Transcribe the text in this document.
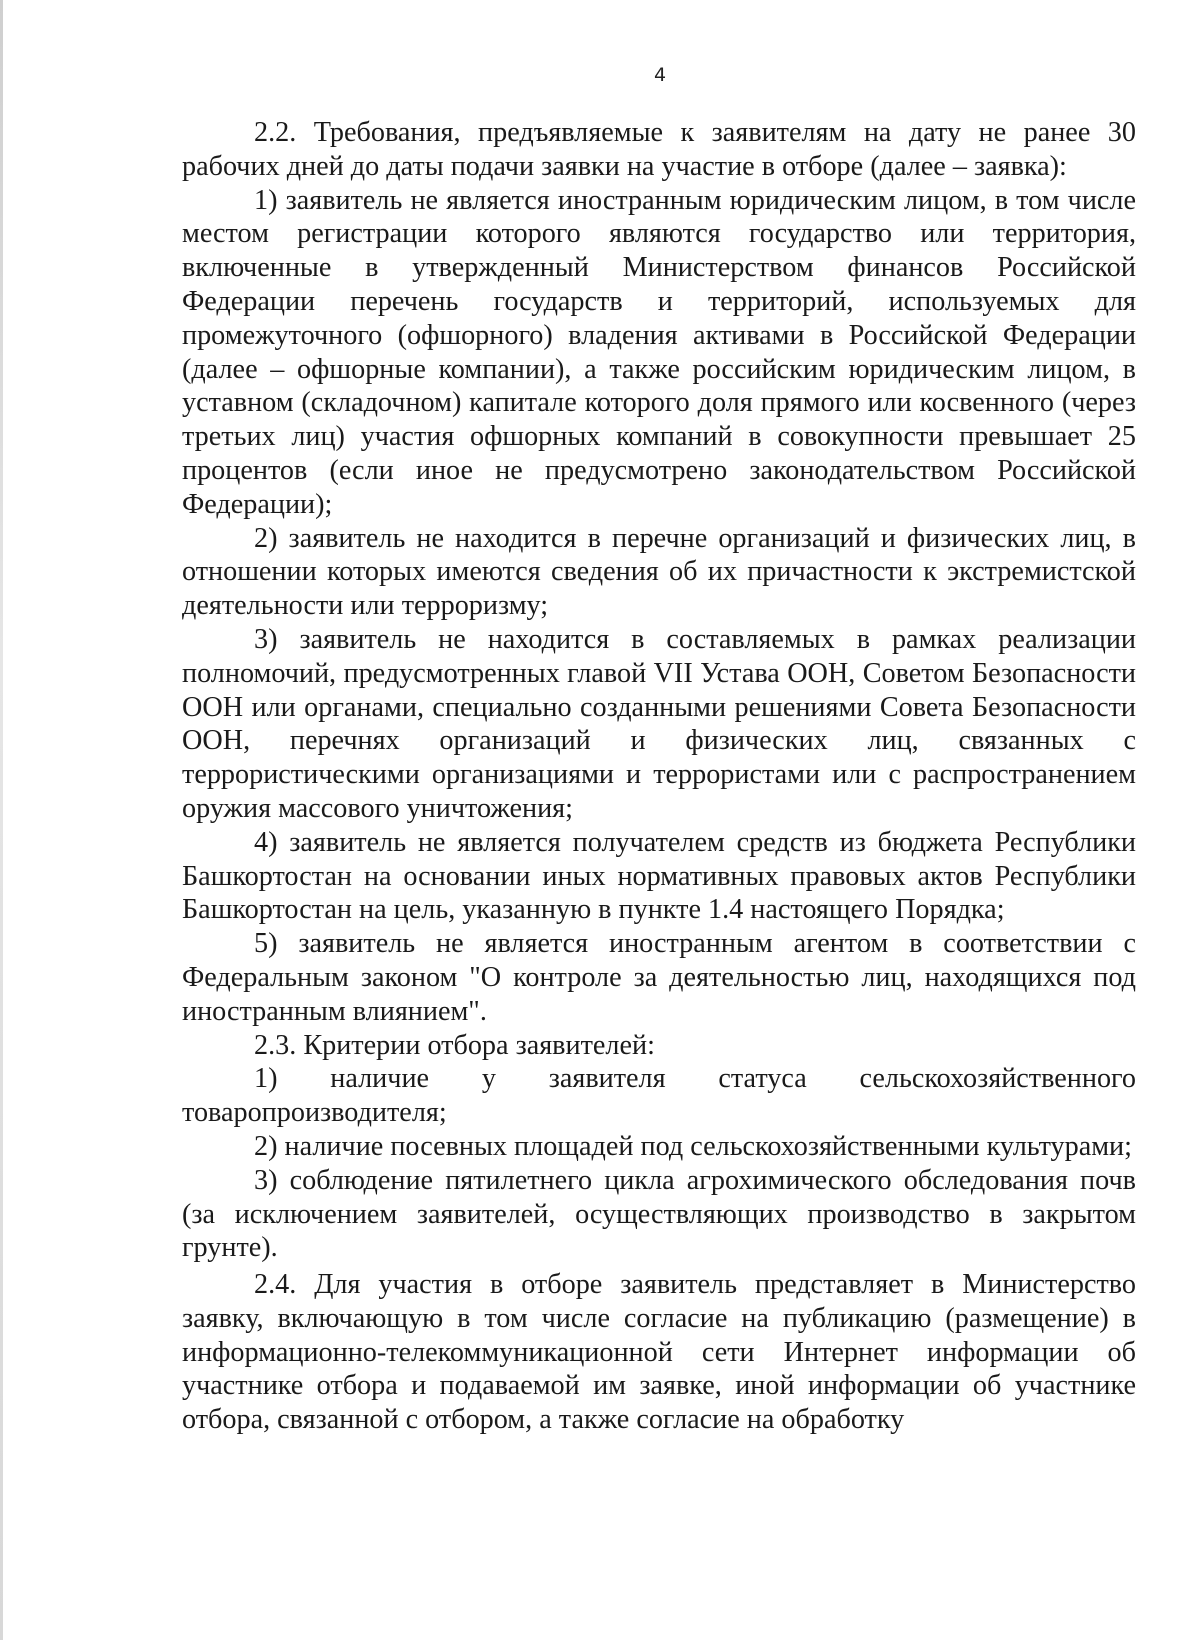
4

2.2. Требования, предъявляемые к заявителям на дату не ранее 30 рабочих дней до даты подачи заявки на участие в отборе (далее – заявка):

1) заявитель не является иностранным юридическим лицом, в том числе местом регистрации которого являются государство или территория, включенные в утвержденный Министерством финансов Российской Федерации перечень государств и территорий, используемых для промежуточного (офшорного) владения активами в Российской Федерации (далее – офшорные компании), а также российским юридическим лицом, в уставном (складочном) капитале которого доля прямого или косвенного (через третьих лиц) участия офшорных компаний в совокупности превышает 25 процентов (если иное не предусмотрено законодательством Российской Федерации);

2) заявитель не находится в перечне организаций и физических лиц, в отношении которых имеются сведения об их причастности к экстремистской деятельности или терроризму;

3) заявитель не находится в составляемых в рамках реализации полномочий, предусмотренных главой VII Устава ООН, Советом Безопасности ООН или органами, специально созданными решениями Совета Безопасности ООН, перечнях организаций и физических лиц, связанных с террористическими организациями и террористами или с распространением оружия массового уничтожения;

4) заявитель не является получателем средств из бюджета Республики Башкортостан на основании иных нормативных правовых актов Республики Башкортостан на цель, указанную в пункте 1.4 настоящего Порядка;

5) заявитель не является иностранным агентом в соответствии с Федеральным законом "О контроле за деятельностью лиц, находящихся под иностранным влиянием".

2.3. Критерии отбора заявителей:

1) наличие у заявителя статуса сельскохозяйственного товаропроизводителя;

2) наличие посевных площадей под сельскохозяйственными культурами;

3) соблюдение пятилетнего цикла агрохимического обследования почв (за исключением заявителей, осуществляющих производство в закрытом грунте).

2.4. Для участия в отборе заявитель представляет в Министерство заявку, включающую в том числе согласие на публикацию (размещение) в информационно-телекоммуникационной сети Интернет информации об участнике отбора и подаваемой им заявке, иной информации об участнике отбора, связанной с отбором, а также согласие на обработку
